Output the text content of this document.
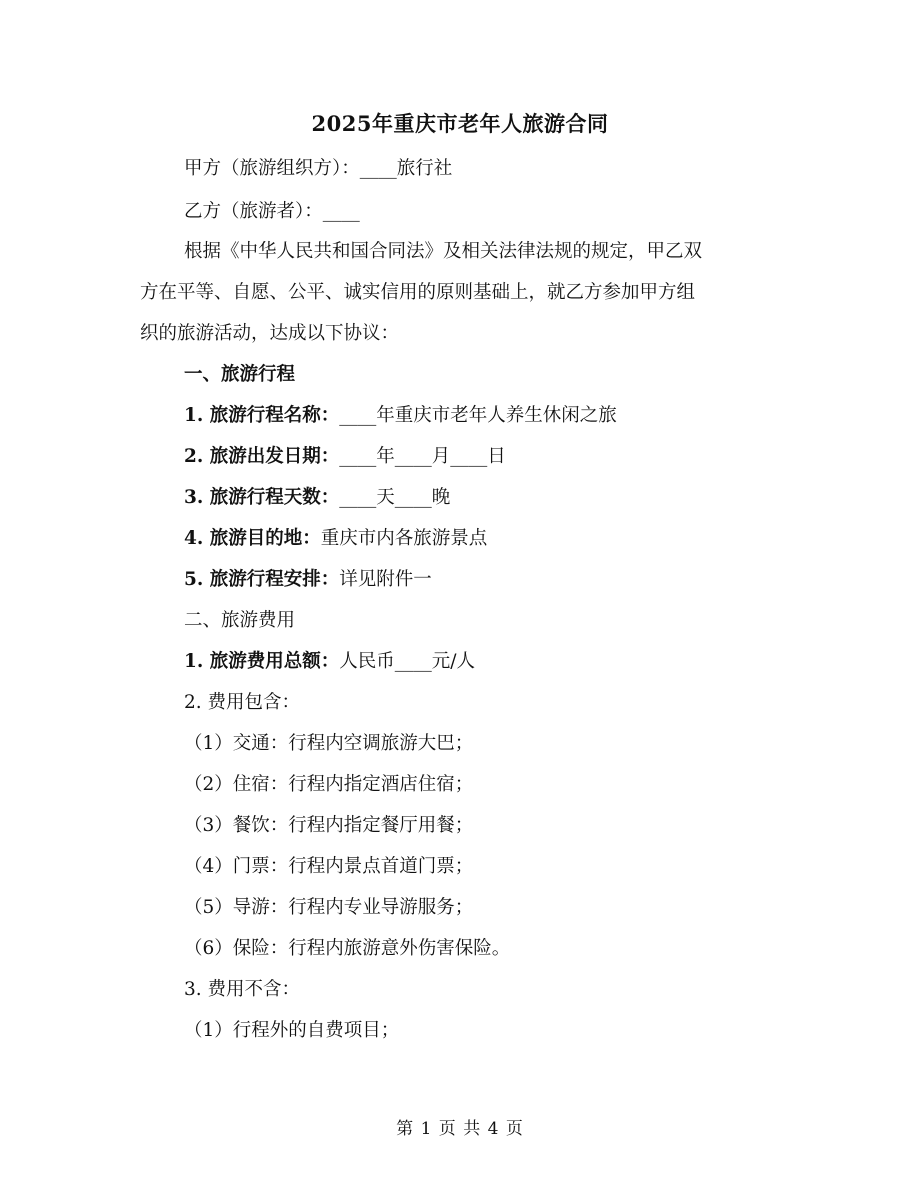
2025年重庆市老年人旅游合同
甲方（旅游组织方）：____旅行社
乙方（旅游者）：____
根据《中华人民共和国合同法》及相关法律法规的规定，甲乙双
方在平等、自愿、公平、诚实信用的原则基础上，就乙方参加甲方组
织的旅游活动，达成以下协议：
一、旅游行程
1. 旅游行程名称：____年重庆市老年人养生休闲之旅
2. 旅游出发日期：____年____月____日
3. 旅游行程天数：____天____晚
4. 旅游目的地：重庆市内各旅游景点
5. 旅游行程安排：详见附件一
二、旅游费用
1. 旅游费用总额：人民币____元/人
2. 费用包含：
（1）交通：行程内空调旅游大巴；
（2）住宿：行程内指定酒店住宿；
（3）餐饮：行程内指定餐厅用餐；
（4）门票：行程内景点首道门票；
（5）导游：行程内专业导游服务；
（6）保险：行程内旅游意外伤害保险。
3. 费用不含：
（1）行程外的自费项目；
第 1 页 共 4 页
